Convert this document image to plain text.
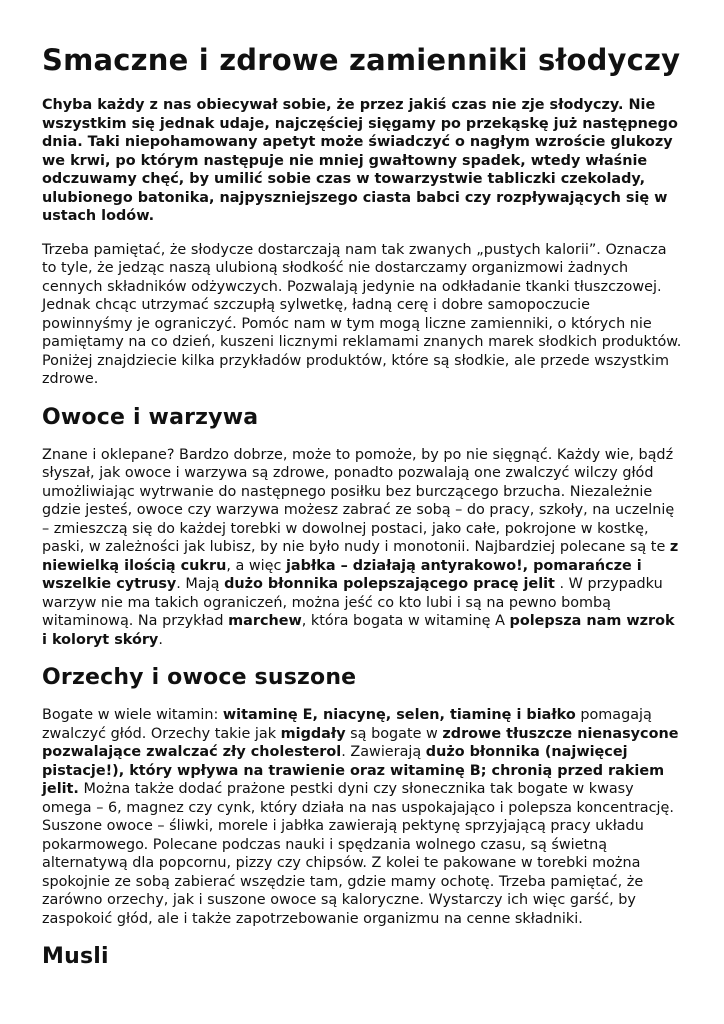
Smaczne i zdrowe zamienniki słodyczy

Chyba każdy z nas obiecywał sobie, że przez jakiś czas nie zje słodyczy. Nie wszystkim się jednak udaje, najczęściej sięgamy po przekąskę już następnego dnia. Taki niepohamowany apetyt może świadczyć o nagłym wzroście glukozy we krwi, po którym następuje nie mniej gwałtowny spadek, wtedy właśnie odczuwamy chęć, by umilić sobie czas w towarzystwie tabliczki czekolady, ulubionego batonika, najpyszniejszego ciasta babci czy rozpływających się w ustach lodów.

Trzeba pamiętać, że słodycze dostarczają nam tak zwanych „pustych kalorii”. Oznacza to tyle, że jedząc naszą ulubioną słodkość nie dostarczamy organizmowi żadnych cennych składników odżywczych. Pozwalają jedynie na odkładanie tkanki tłuszczowej. Jednak chcąc utrzymać szczupłą sylwetkę, ładną cerę i dobre samopoczucie powinnyśmy je ograniczyć. Pomóc nam w tym mogą liczne zamienniki, o których nie pamiętamy na co dzień, kuszeni licznymi reklamami znanych marek słodkich produktów. Poniżej znajdziecie kilka przykładów produktów, które są słodkie, ale przede wszystkim zdrowe.

Owoce i warzywa

Znane i oklepane? Bardzo dobrze, może to pomoże, by po nie sięgnąć. Każdy wie, bądź słyszał, jak owoce i warzywa są zdrowe, ponadto pozwalają one zwalczyć wilczy głód umożliwiając wytrwanie do następnego posiłku bez burczącego brzucha. Niezależnie gdzie jesteś, owoce czy warzywa możesz zabrać ze sobą – do pracy, szkoły, na uczelnię – zmieszczą się do każdej torebki w dowolnej postaci, jako całe, pokrojone w kostkę, paski, w zależności jak lubisz, by nie było nudy i monotonii. Najbardziej polecane są te z niewielką ilością cukru, a więc jabłka – działają antyrakowo!, pomarańcze i wszelkie cytrusy. Mają dużo błonnika polepszającego pracę jelit . W przypadku warzyw nie ma takich ograniczeń, można jeść co kto lubi i są na pewno bombą witaminową. Na przykład marchew, która bogata w witaminę A polepsza nam wzrok i koloryt skóry.

Orzechy i owoce suszone

Bogate w wiele witamin: witaminę E, niacynę, selen, tiaminę i białko pomagają zwalczyć głód. Orzechy takie jak migdały są bogate w zdrowe tłuszcze nienasycone pozwalające zwalczać zły cholesterol. Zawierają dużo błonnika (najwięcej pistacje!), który wpływa na trawienie oraz witaminę B; chronią przed rakiem jelit. Można także dodać prażone pestki dyni czy słonecznika tak bogate w kwasy omega – 6, magnez czy cynk, który działa na nas uspokajająco i polepsza koncentrację. Suszone owoce – śliwki, morele i jabłka zawierają pektynę sprzyjającą pracy układu pokarmowego. Polecane podczas nauki i spędzania wolnego czasu, są świetną alternatywą dla popcornu, pizzy czy chipsów. Z kolei te pakowane w torebki można spokojnie ze sobą zabierać wszędzie tam, gdzie mamy ochotę. Trzeba pamiętać, że zarówno orzechy, jak i suszone owoce są kaloryczne. Wystarczy ich więc garść, by zaspokoić głód, ale i także zapotrzebowanie organizmu na cenne składniki.

Musli
